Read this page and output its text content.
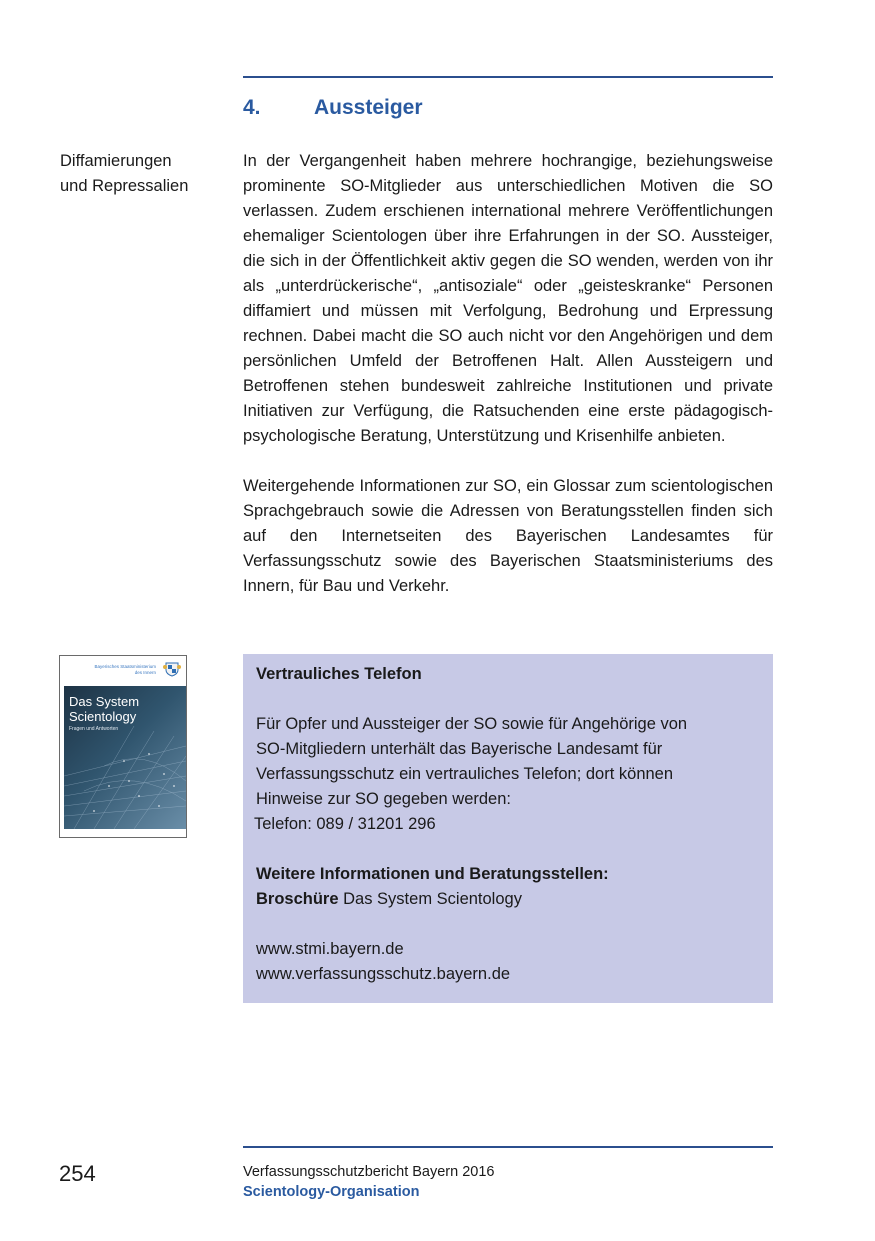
4.	Aussteiger
Diffamierungen
und Repressalien

In der Vergangenheit haben mehrere hochrangige, beziehungsweise prominente SO-Mitglieder aus unterschiedlichen Motiven die SO verlassen. Zudem erschienen international mehrere Veröffentlichungen ehemaliger Scientologen über ihre Erfahrungen in der SO. Aussteiger, die sich in der Öffentlichkeit aktiv gegen die SO wenden, werden von ihr als „unterdrückerische“, „antisoziale“ oder „geisteskranke“ Personen diffamiert und müssen mit Verfolgung, Bedrohung und Erpressung rechnen. Dabei macht die SO auch nicht vor den Angehörigen und dem persönlichen Umfeld der Betroffenen Halt. Allen Aussteigern und Betroffenen stehen bundesweit zahlreiche Institutionen und private Initiativen zur Verfügung, die Ratsuchenden eine erste pädagogisch-psychologische Beratung, Unterstützung und Krisenhilfe anbieten.

Weitergehende Informationen zur SO, ein Glossar zum scientologischen Sprachgebrauch sowie die Adressen von Beratungsstellen finden sich auf den Internetseiten des Bayerischen Landesamtes für Verfassungsschutz sowie des Bayerischen Staatsministeriums des Innern, für Bau und Verkehr.

Bayerisches Staatsministerium
des Innern
Das System
Scientology
Fragen und Antworten
Vertrauliches Telefon
Für Opfer und Aussteiger der SO sowie für Angehörige von
SO-Mitgliedern unterhält das Bayerische Landesamt für
Verfassungsschutz ein vertrauliches Telefon; dort können
Hinweise zur SO gegeben werden:
Telefon: 089 / 31201 296
Weitere Informationen und Beratungsstellen:
Broschüre Das System Scientology
www.stmi.bayern.de
www.verfassungsschutz.bayern.de
254	Verfassungsschutzbericht Bayern 2016
Scientology-Organisation
